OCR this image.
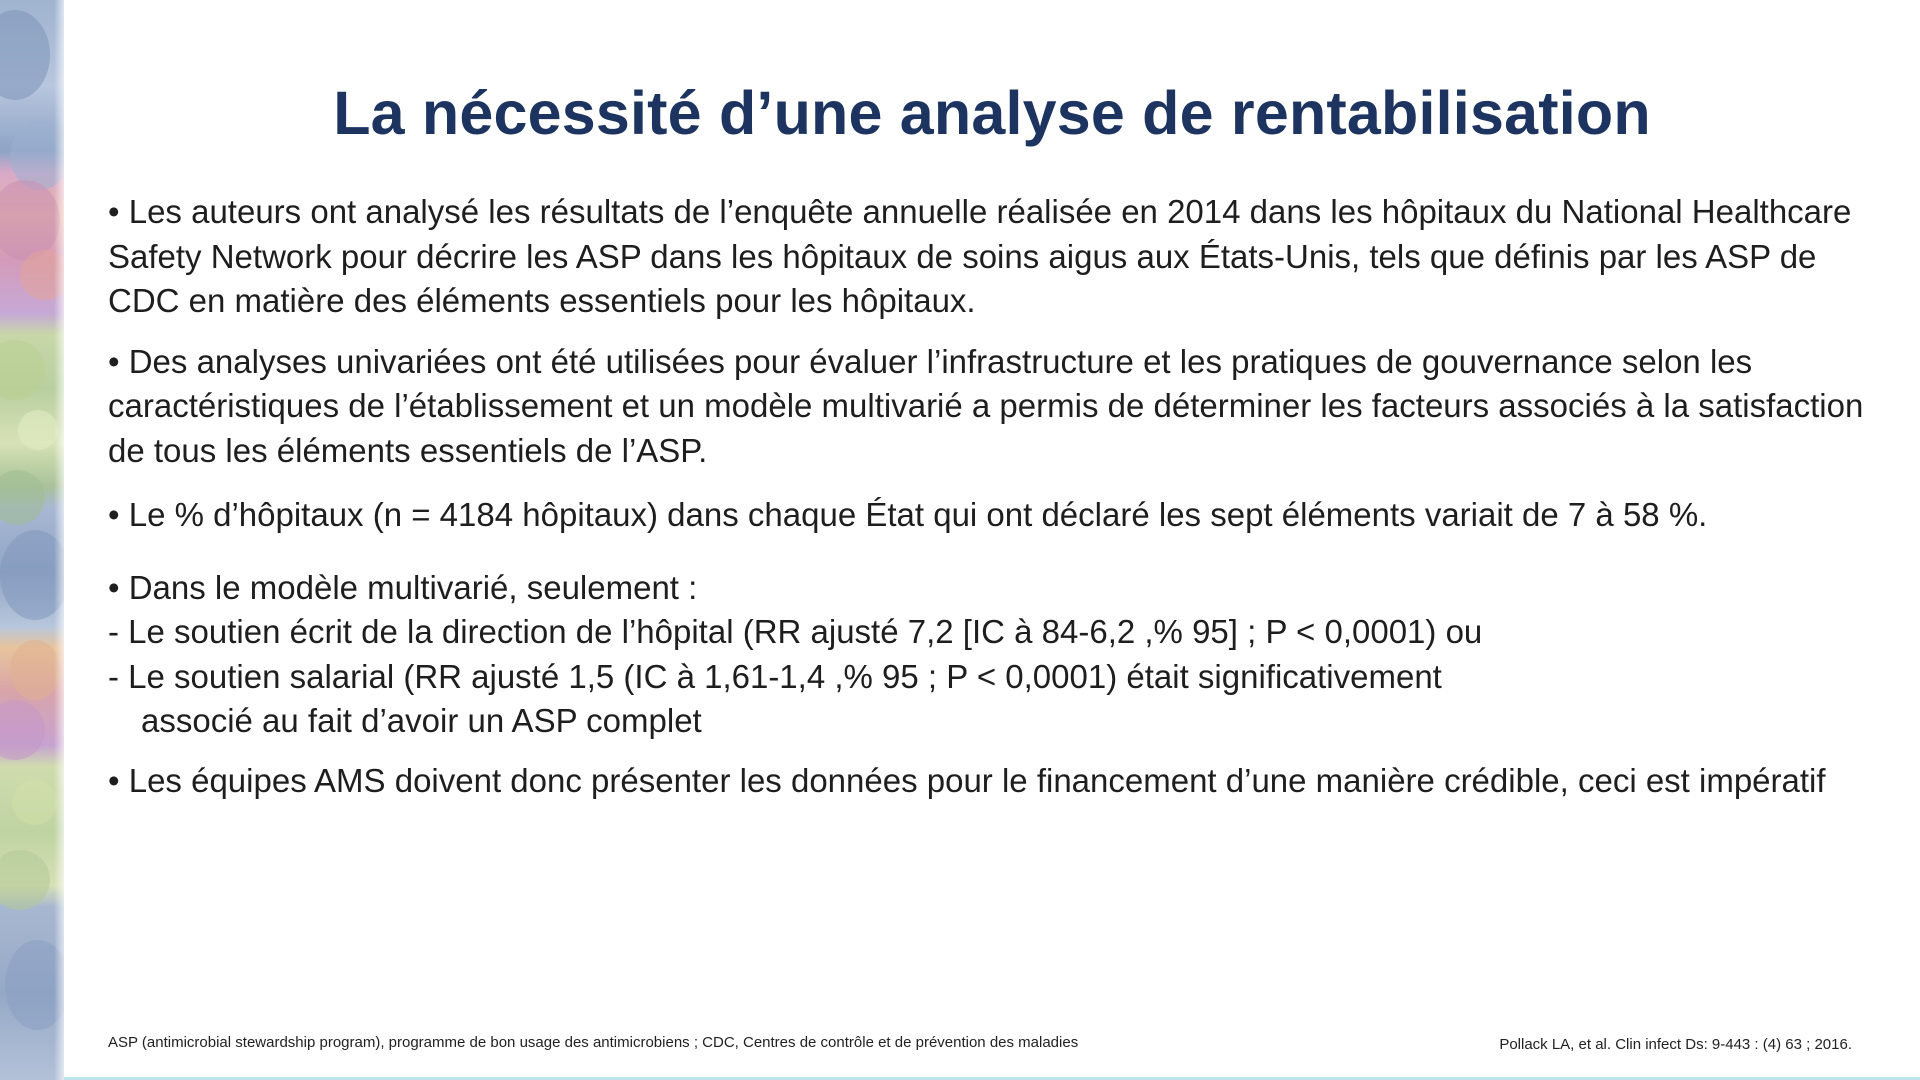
La nécessité d’une analyse de rentabilisation

• Les auteurs ont analysé les résultats de l’enquête annuelle réalisée en 2014 dans les hôpitaux du National Healthcare Safety Network pour décrire les ASP dans les hôpitaux de soins aigus aux États-Unis, tels que définis par les ASP de CDC en matière des éléments essentiels pour les hôpitaux.

• Des analyses univariées ont été utilisées pour évaluer l’infrastructure et les pratiques de gouvernance selon les caractéristiques de l’établissement et un modèle multivarié a permis de déterminer les facteurs associés à la satisfaction de tous les éléments essentiels de l’ASP.

• Le % d’hôpitaux (n = 4184 hôpitaux) dans chaque État qui ont déclaré les sept éléments variait de 7 à 58 %.

• Dans le modèle multivarié, seulement :

- Le soutien écrit de la direction de l’hôpital (RR ajusté 7,2 [IC à 84-6,2 ,% 95] ; P < 0,0001) ou

- Le soutien salarial (RR ajusté 1,5 (IC à 1,61-1,4 ,% 95 ; P < 0,0001) était significativement

associé au fait d’avoir un ASP complet

• Les équipes AMS doivent donc présenter les données pour le financement d’une manière crédible, ceci est impératif

ASP (antimicrobial stewardship program), programme de bon usage des antimicrobiens ; CDC, Centres de contrôle et de prévention des maladies	Pollack LA, et al. Clin infect Ds: 9-443 : (4) 63 ; 2016.
